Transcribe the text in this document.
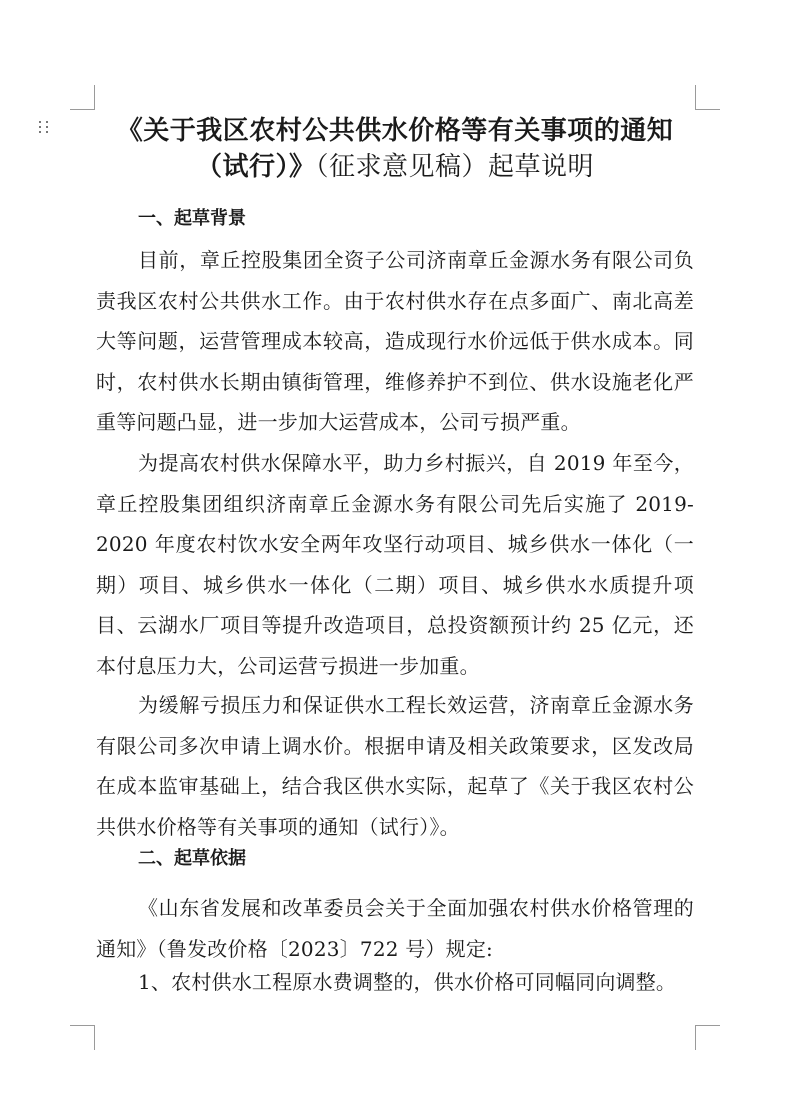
《关于我区农村公共供水价格等有关事项的通知
（试行）》（征求意见稿）起草说明
一、起草背景

目前，章丘控股集团全资子公司济南章丘金源水务有限公司负责我区农村公共供水工作。由于农村供水存在点多面广、南北高差大等问题，运营管理成本较高，造成现行水价远低于供水成本。同时，农村供水长期由镇街管理，维修养护不到位、供水设施老化严重等问题凸显，进一步加大运营成本，公司亏损严重。

为提高农村供水保障水平，助力乡村振兴，自 2019 年至今，章丘控股集团组织济南章丘金源水务有限公司先后实施了 2019-2020 年度农村饮水安全两年攻坚行动项目、城乡供水一体化（一期）项目、城乡供水一体化（二期）项目、城乡供水水质提升项目、云湖水厂项目等提升改造项目，总投资额预计约 25 亿元，还本付息压力大，公司运营亏损进一步加重。

为缓解亏损压力和保证供水工程长效运营，济南章丘金源水务有限公司多次申请上调水价。根据申请及相关政策要求，区发改局在成本监审基础上，结合我区供水实际，起草了《关于我区农村公共供水价格等有关事项的通知（试行）》。

二、起草依据

《山东省发展和改革委员会关于全面加强农村供水价格管理的通知》（鲁发改价格〔2023〕722 号）规定:

1、农村供水工程原水费调整的，供水价格可同幅同向调整。
